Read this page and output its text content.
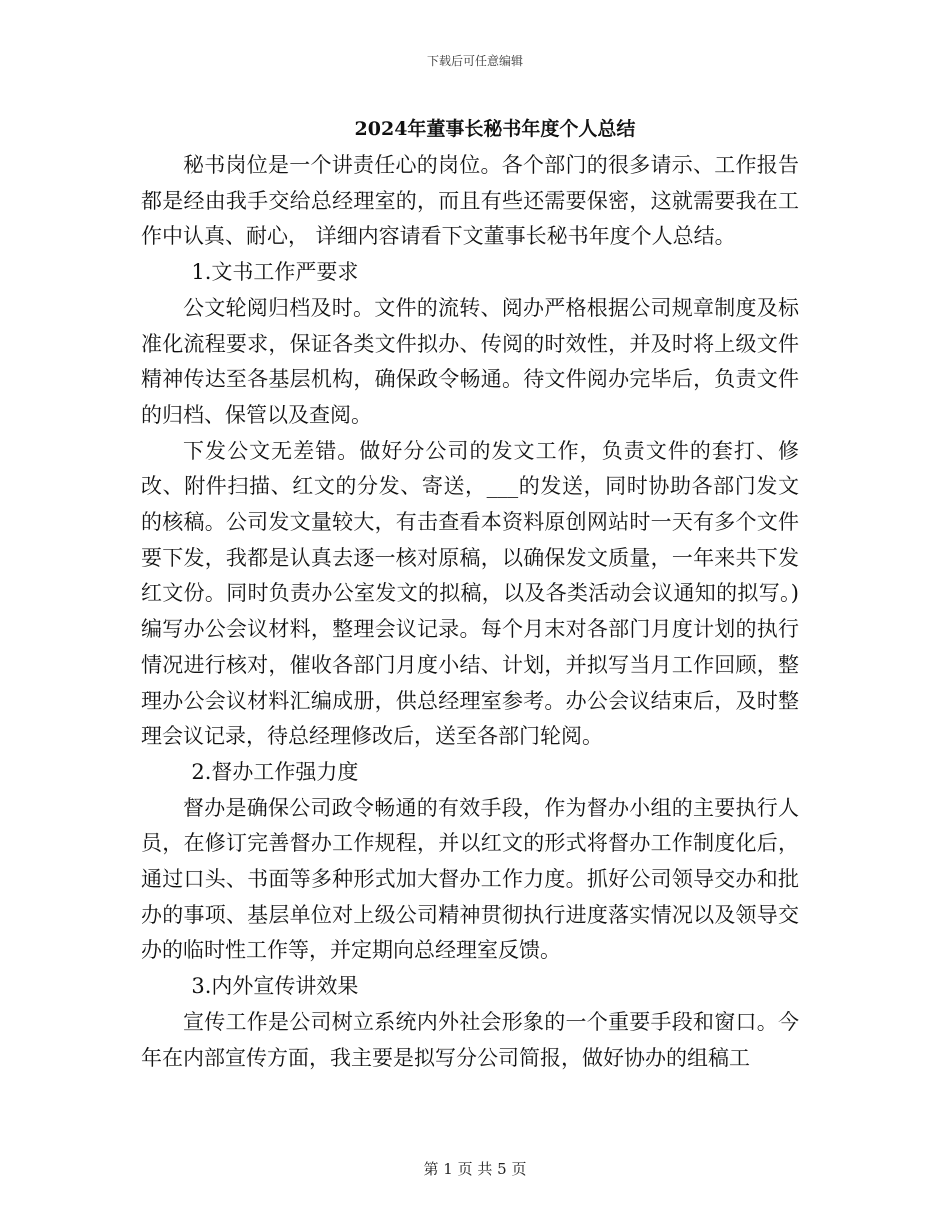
下载后可任意编辑
2024年董事长秘书年度个人总结

秘书岗位是一个讲责任心的岗位。各个部门的很多请示、工作报告都是经由我手交给总经理室的，而且有些还需要保密，这就需要我在工作中认真、耐心， 详细内容请看下文董事长秘书年度个人总结。

1.文书工作严要求

公文轮阅归档及时。文件的流转、阅办严格根据公司规章制度及标准化流程要求，保证各类文件拟办、传阅的时效性，并及时将上级文件精神传达至各基层机构，确保政令畅通。待文件阅办完毕后，负责文件的归档、保管以及查阅。

下发公文无差错。做好分公司的发文工作，负责文件的套打、修改、附件扫描、红文的分发、寄送，___的发送，同时协助各部门发文的核稿。公司发文量较大，有击查看本资料原创网站时一天有多个文件要下发，我都是认真去逐一核对原稿，以确保发文质量，一年来共下发红文份。同时负责办公室发文的拟稿，以及各类活动会议通知的拟写。)编写办公会议材料，整理会议记录。每个月末对各部门月度计划的执行情况进行核对，催收各部门月度小结、计划，并拟写当月工作回顾，整理办公会议材料汇编成册，供总经理室参考。办公会议结束后，及时整理会议记录，待总经理修改后，送至各部门轮阅。

2.督办工作强力度

督办是确保公司政令畅通的有效手段，作为督办小组的主要执行人员，在修订完善督办工作规程，并以红文的形式将督办工作制度化后，通过口头、书面等多种形式加大督办工作力度。抓好公司领导交办和批办的事项、基层单位对上级公司精神贯彻执行进度落实情况以及领导交办的临时性工作等，并定期向总经理室反馈。

3.内外宣传讲效果

宣传工作是公司树立系统内外社会形象的一个重要手段和窗口。今年在内部宣传方面，我主要是拟写分公司简报，做好协办的组稿工

第 1 页 共 5 页
